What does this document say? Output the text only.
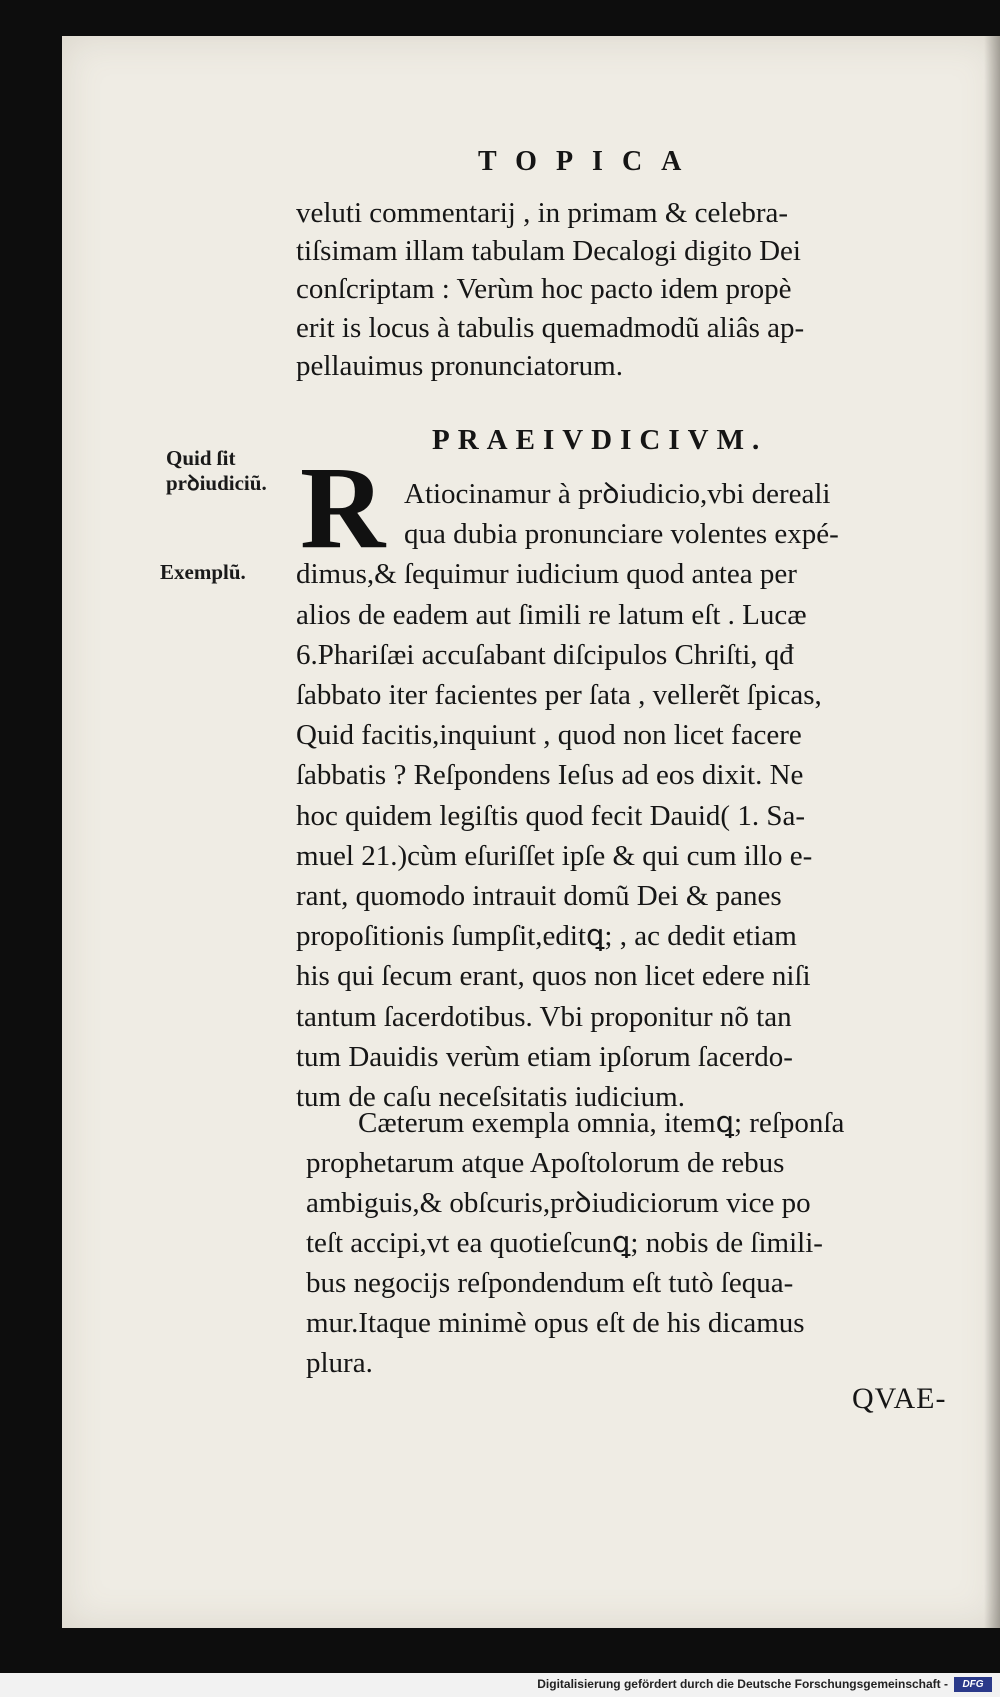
TOPICA

veluti commentarij , in primam & celebra-
tiſsimam illam tabulam Decalogi digito Dei
conſcriptam : Verùm hoc pacto idem propè
erit is locus à tabulis quemadmodũ aliâs ap-
pellauimus pronunciatorum.

PRAEIVDICIVM.
Quid ſit
prꝺiudiciũ.
Exemplũ. R Atiocinamur à prꝺiudicio,vbi dereali
qua dubia pronunciare volentes expé-
dimus,& ſequimur iudicium quod antea per
alios de eadem aut ſimili re latum eſt . Lucæ
6.Phariſæi accuſabant diſcipulos Chriſti, qđ
ſabbato iter facientes per ſata , vellerẽt ſpicas,
Quid facitis,inquiunt , quod non licet facere
ſabbatis ? Reſpondens Ieſus ad eos dixit. Ne
hoc quidem legiſtis quod fecit Dauid( 1. Sa-
muel 21.)cùm eſuriſſet ipſe & qui cum illo e-
rant, quomodo intrauit domũ Dei & panes
propoſitionis ſumpſit,editꝗ; , ac dedit etiam
his qui ſecum erant, quos non licet edere niſi
tantum ſacerdotibus. Vbi proponitur nõ tan
tum Dauidis verùm etiam ipſorum ſacerdo-
tum de caſu neceſsitatis iudicium.

Cæterum exempla omnia, itemꝗ; reſponſa
prophetarum atque Apoſtolorum de rebus
ambiguis,& obſcuris,prꝺiudiciorum vice po
teſt accipi,vt ea quotieſcunꝗ; nobis de ſimili-
bus negocijs reſpondendum eſt tutò ſequa-
mur.Itaque minimè opus eſt de his dicamus
plura.

QVAE-
Digitalisierung gefördert durch die Deutsche Forschungsgemeinschaft -	DFG
